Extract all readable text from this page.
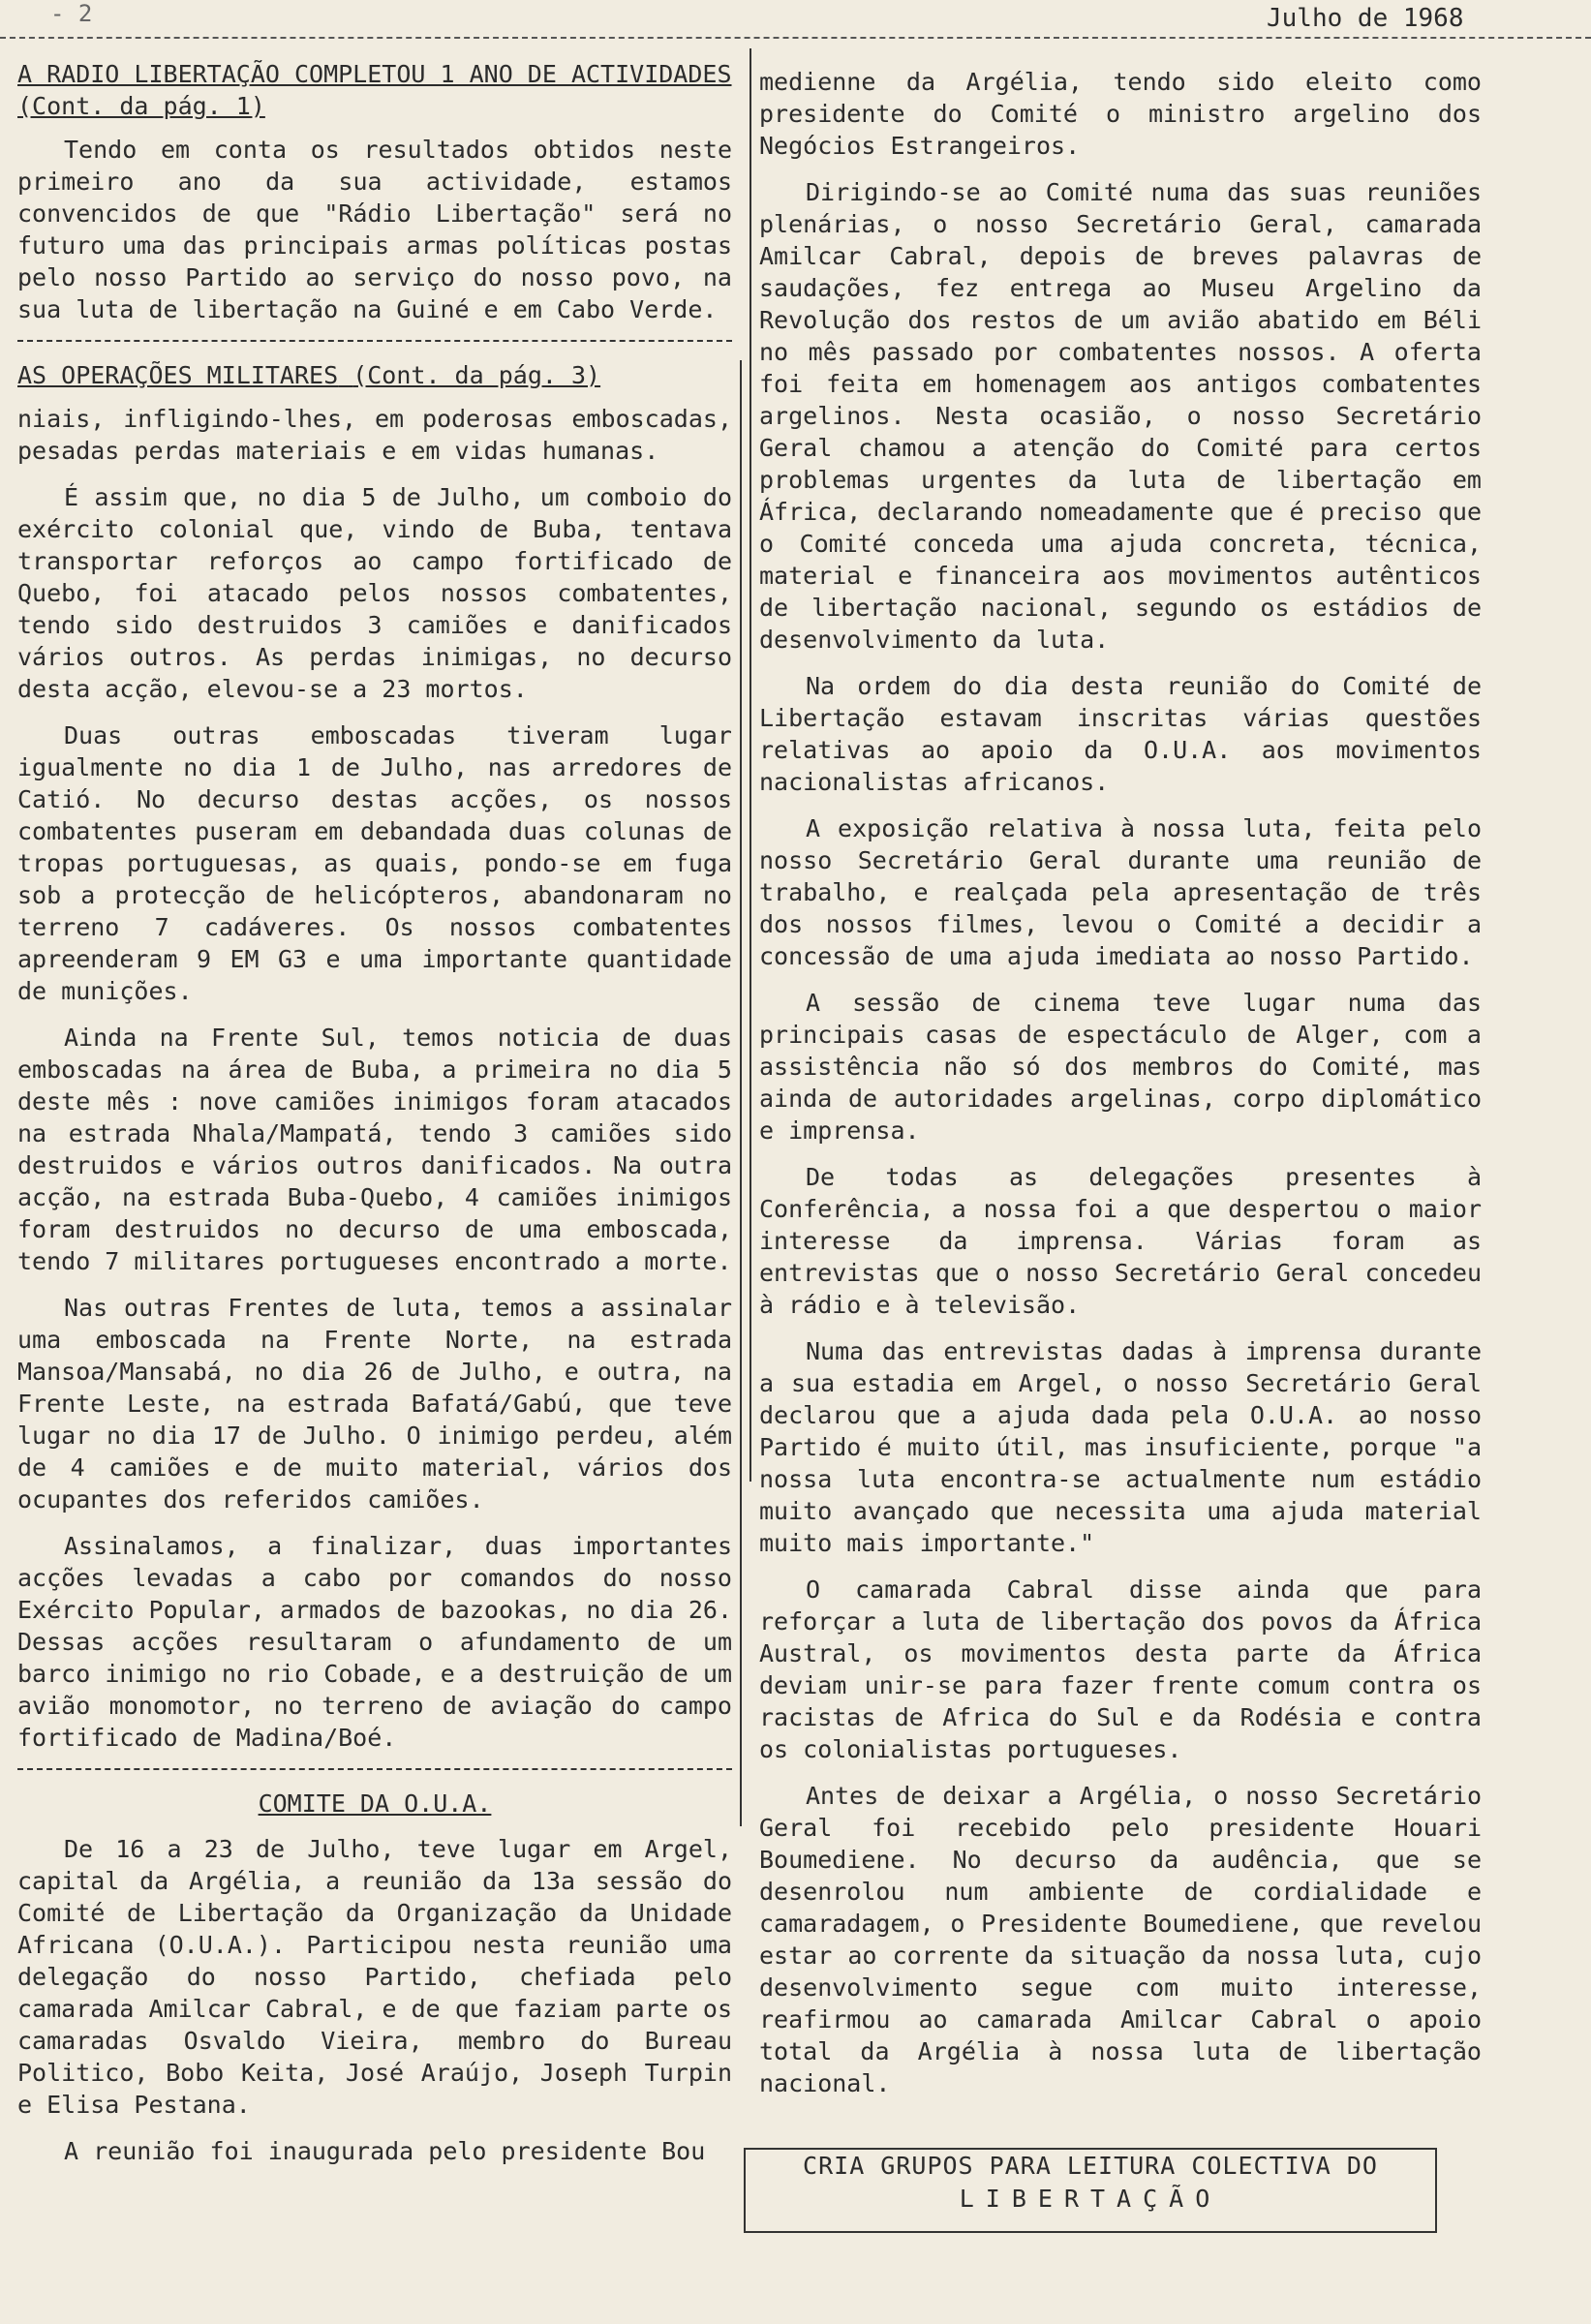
- 2	Julho de 1968
A RADIO LIBERTAÇÃO COMPLETOU 1 ANO DE ACTIVIDADES (Cont. da pág. 1)

Tendo em conta os resultados obtidos neste primeiro ano da sua actividade, estamos convencidos de que "Rádio Libertação" será no futuro uma das principais armas políticas postas pelo nosso Partido ao serviço do nosso povo, na sua luta de libertação na Guiné e em Cabo Verde.

AS OPERAÇÕES MILITARES (Cont. da pág. 3)

niais, infligindo-lhes, em poderosas emboscadas, pesadas perdas materiais e em vidas humanas.

É assim que, no dia 5 de Julho, um comboio do exército colonial que, vindo de Buba, tentava transportar reforços ao campo fortificado de Quebo, foi atacado pelos nossos combatentes, tendo sido destruidos 3 camiões e danificados vários outros. As perdas inimigas, no decurso desta acção, elevou-se a 23 mortos.

Duas outras emboscadas tiveram lugar igualmente no dia 1 de Julho, nas arredores de Catió. No decurso destas acções, os nossos combatentes puseram em debandada duas colunas de tropas portuguesas, as quais, pondo-se em fuga sob a protecção de helicópteros, abandonaram no terreno 7 cadáveres. Os nossos combatentes apreenderam 9 EM G3 e uma importante quantidade de munições.

Ainda na Frente Sul, temos noticia de duas emboscadas na área de Buba, a primeira no dia 5 deste mês : nove camiões inimigos foram atacados na estrada Nhala/Mampatá, tendo 3 camiões sido destruidos e vários outros danificados. Na outra acção, na estrada Buba-Quebo, 4 camiões inimigos foram destruidos no decurso de uma emboscada, tendo 7 militares portugueses encontrado a morte.

Nas outras Frentes de luta, temos a assinalar uma emboscada na Frente Norte, na estrada Mansoa/Mansabá, no dia 26 de Julho, e outra, na Frente Leste, na estrada Bafatá/Gabú, que teve lugar no dia 17 de Julho. O inimigo perdeu, além de 4 camiões e de muito material, vários dos ocupantes dos referidos camiões.

Assinalamos, a finalizar, duas importantes acções levadas a cabo por comandos do nosso Exército Popular, armados de bazookas, no dia 26. Dessas acções resultaram o afundamento de um barco inimigo no rio Cobade, e a destruição de um avião monomotor, no terreno de aviação do campo fortificado de Madina/Boé.

COMITE DA O.U.A.

De 16 a 23 de Julho, teve lugar em Argel, capital da Argélia, a reunião da 13a sessão do Comité de Libertação da Organização da Unidade Africana (O.U.A.). Participou nesta reunião uma delegação do nosso Partido, chefiada pelo camarada Amilcar Cabral, e de que faziam parte os camaradas Osvaldo Vieira, membro do Bureau Politico, Bobo Keita, José Araújo, Joseph Turpin e Elisa Pestana.

A reunião foi inaugurada pelo presidente Bou

medienne da Argélia, tendo sido eleito como presidente do Comité o ministro argelino dos Negócios Estrangeiros.

Dirigindo-se ao Comité numa das suas reuniões plenárias, o nosso Secretário Geral, camarada Amilcar Cabral, depois de breves palavras de saudações, fez entrega ao Museu Argelino da Revolução dos restos de um avião abatido em Béli no mês passado por combatentes nossos. A oferta foi feita em homenagem aos antigos combatentes argelinos. Nesta ocasião, o nosso Secretário Geral chamou a atenção do Comité para certos problemas urgentes da luta de libertação em África, declarando nomeadamente que é preciso que o Comité conceda uma ajuda concreta, técnica, material e financeira aos movimentos autênticos de libertação nacional, segundo os estádios de desenvolvimento da luta.

Na ordem do dia desta reunião do Comité de Libertação estavam inscritas várias questões relativas ao apoio da O.U.A. aos movimentos nacionalistas africanos.

A exposição relativa à nossa luta, feita pelo nosso Secretário Geral durante uma reunião de trabalho, e realçada pela apresentação de três dos nossos filmes, levou o Comité a decidir a concessão de uma ajuda imediata ao nosso Partido.

A sessão de cinema teve lugar numa das principais casas de espectáculo de Alger, com a assistência não só dos membros do Comité, mas ainda de autoridades argelinas, corpo diplomático e imprensa.

De todas as delegações presentes à Conferência, a nossa foi a que despertou o maior interesse da imprensa. Várias foram as entrevistas que o nosso Secretário Geral concedeu à rádio e à televisão.

Numa das entrevistas dadas à imprensa durante a sua estadia em Argel, o nosso Secretário Geral declarou que a ajuda dada pela O.U.A. ao nosso Partido é muito útil, mas insuficiente, porque "a nossa luta encontra-se actualmente num estádio muito avançado que necessita uma ajuda material muito mais importante."

O camarada Cabral disse ainda que para reforçar a luta de libertação dos povos da África Austral, os movimentos desta parte da África deviam unir-se para fazer frente comum contra os racistas de Africa do Sul e da Rodésia e contra os colonialistas portugueses.

Antes de deixar a Argélia, o nosso Secretário Geral foi recebido pelo presidente Houari Boumediene. No decurso da audência, que se desenrolou num ambiente de cordialidade e camaradagem, o Presidente Boumediene, que revelou estar ao corrente da situação da nossa luta, cujo desenvolvimento segue com muito interesse, reafirmou ao camarada Amilcar Cabral o apoio total da Argélia à nossa luta de libertação nacional.

CRIA GRUPOS PARA LEITURA COLECTIVA DO
LIBERTAÇÃO
